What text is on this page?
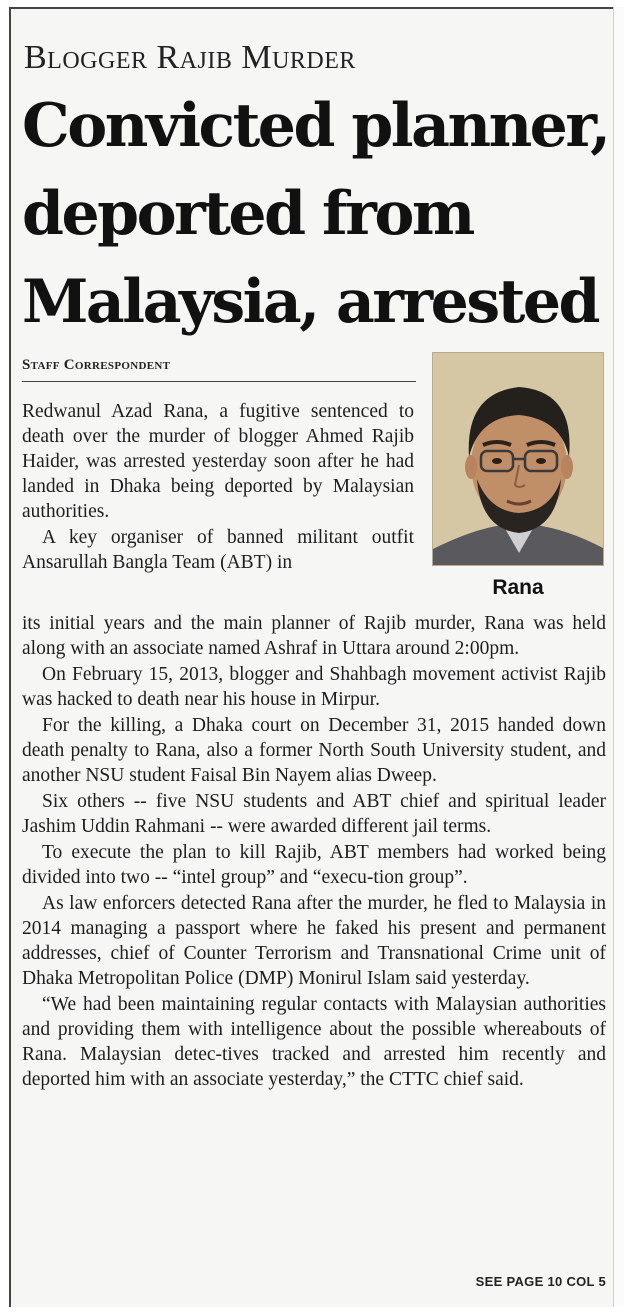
Blogger Rajib Murder
Convicted planner, deported from Malaysia, arrested
Staff Correspondent
Rana

Redwanul Azad Rana, a fugitive sentenced to death over the murder of blogger Ahmed Rajib Haider, was arrested yesterday soon after he had landed in Dhaka being deported by Malaysian authorities.

A key organiser of banned militant outfit Ansarullah Bangla Team (ABT) in

its initial years and the main planner of Rajib murder, Rana was held along with an associate named Ashraf in Uttara around 2:00pm.

On February 15, 2013, blogger and Shahbagh movement activist Rajib was hacked to death near his house in Mirpur.

For the killing, a Dhaka court on December 31, 2015 handed down death penalty to Rana, also a former North South University student, and another NSU student Faisal Bin Nayem alias Dweep.

Six others -- five NSU students and ABT chief and spiritual leader Jashim Uddin Rahmani -- were awarded different jail terms.

To execute the plan to kill Rajib, ABT members had worked being divided into two -- “intel group” and “execu-tion group”.

As law enforcers detected Rana after the murder, he fled to Malaysia in 2014 managing a passport where he faked his present and permanent addresses, chief of Counter Terrorism and Transnational Crime unit of Dhaka Metropolitan Police (DMP) Monirul Islam said yesterday.

“We had been maintaining regular contacts with Malaysian authorities and providing them with intelligence about the possible whereabouts of Rana. Malaysian detec-tives tracked and arrested him recently and deported him with an associate yesterday,” the CTTC chief said.

SEE PAGE 10 COL 5
